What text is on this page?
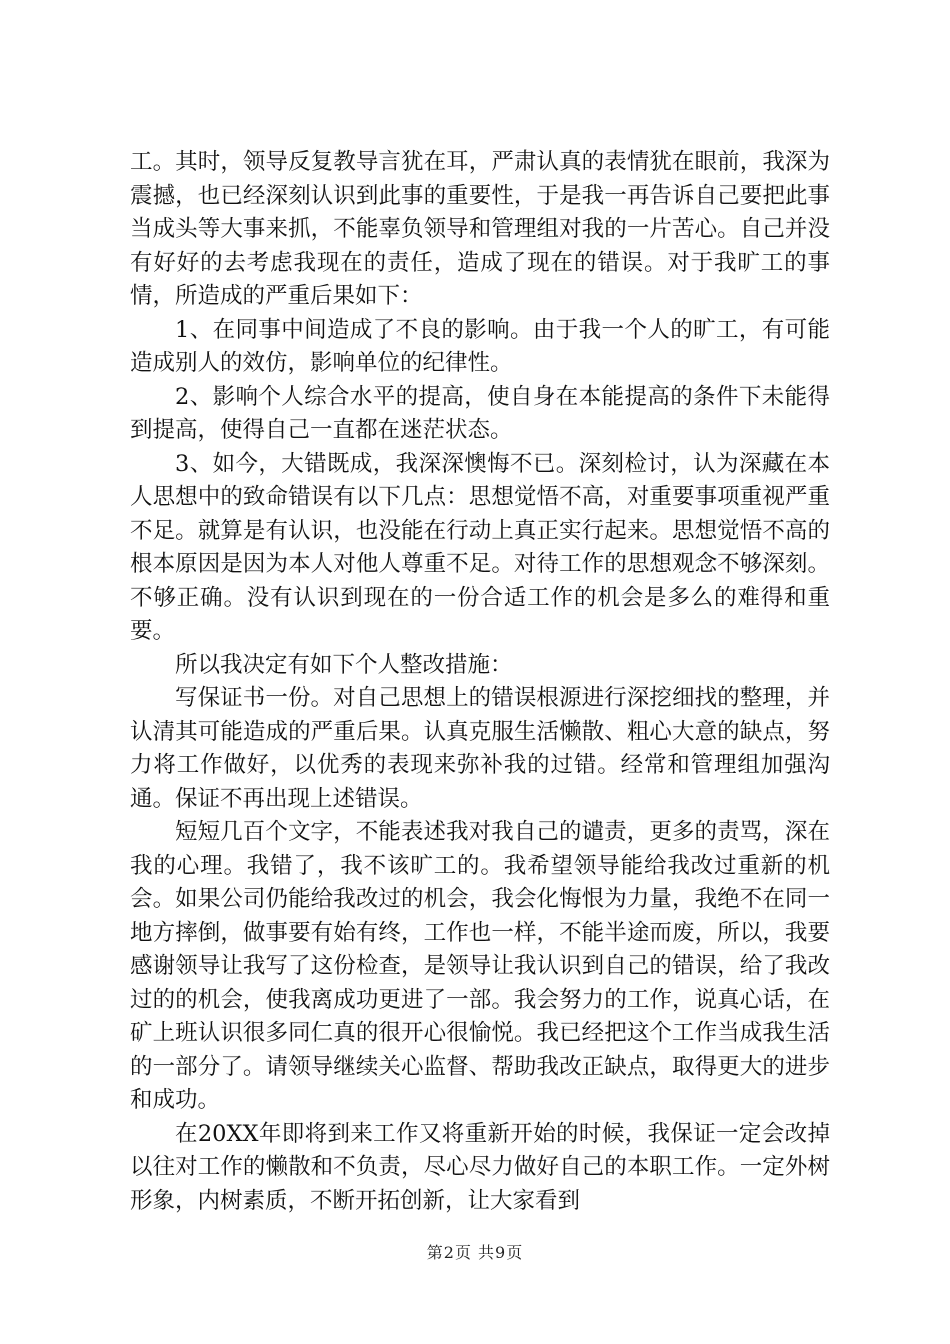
工。其时，领导反复教导言犹在耳，严肃认真的表情犹在眼前，我深为震撼，也已经深刻认识到此事的重要性，于是我一再告诉自己要把此事当成头等大事来抓，不能辜负领导和管理组对我的一片苦心。自己并没有好好的去考虑我现在的责任，造成了现在的错误。对于我旷工的事情，所造成的严重后果如下：

1、在同事中间造成了不良的影响。由于我一个人的旷工，有可能造成别人的效仿，影响单位的纪律性。

2、影响个人综合水平的提高，使自身在本能提高的条件下未能得到提高，使得自己一直都在迷茫状态。

3、如今，大错既成，我深深懊悔不已。深刻检讨，认为深藏在本人思想中的致命错误有以下几点：思想觉悟不高，对重要事项重视严重不足。就算是有认识，也没能在行动上真正实行起来。思想觉悟不高的根本原因是因为本人对他人尊重不足。对待工作的思想观念不够深刻。不够正确。没有认识到现在的一份合适工作的机会是多么的难得和重要。

所以我决定有如下个人整改措施：

写保证书一份。对自己思想上的错误根源进行深挖细找的整理，并认清其可能造成的严重后果。认真克服生活懒散、粗心大意的缺点，努力将工作做好，以优秀的表现来弥补我的过错。经常和管理组加强沟通。保证不再出现上述错误。

短短几百个文字，不能表述我对我自己的谴责，更多的责骂，深在我的心理。我错了，我不该旷工的。我希望领导能给我改过重新的机会。如果公司仍能给我改过的机会，我会化悔恨为力量，我绝不在同一地方摔倒，做事要有始有终，工作也一样，不能半途而废，所以，我要感谢领导让我写了这份检查，是领导让我认识到自己的错误，给了我改过的的机会，使我离成功更进了一部。我会努力的工作，说真心话，在矿上班认识很多同仁真的很开心很愉悦。我已经把这个工作当成我生活的一部分了。请领导继续关心监督、帮助我改正缺点，取得更大的进步和成功。

在20XX年即将到来工作又将重新开始的时候，我保证一定会改掉以往对工作的懒散和不负责，尽心尽力做好自己的本职工作。一定外树形象，内树素质，不断开拓创新，让大家看到

第2页 共9页
